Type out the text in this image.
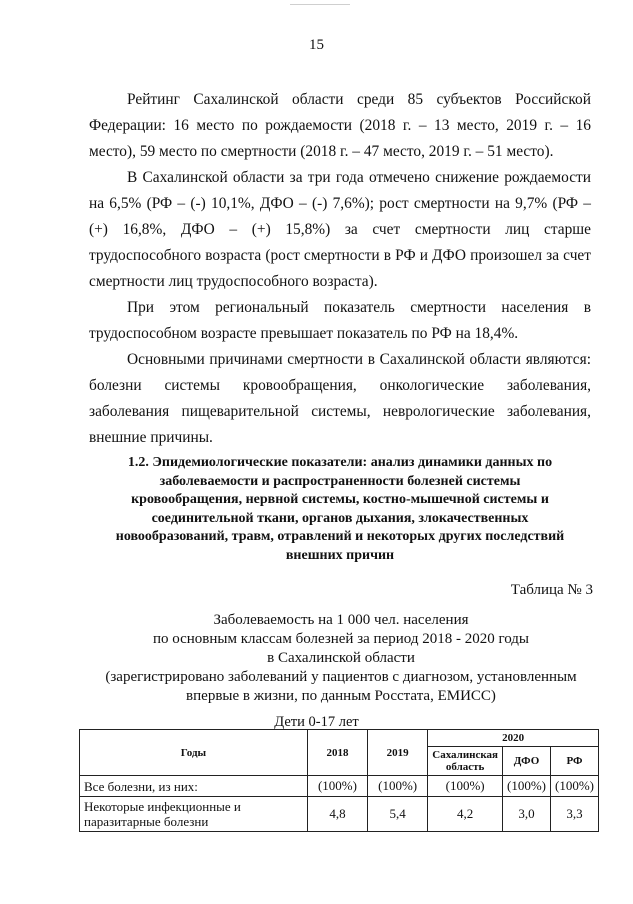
15

Рейтинг Сахалинской области среди 85 субъектов Российской Федерации: 16 место по рождаемости (2018 г. – 13 место, 2019 г. – 16 место), 59 место по смертности (2018 г. – 47 место, 2019 г. – 51 место).

В Сахалинской области за три года отмечено снижение рождаемости на 6,5% (РФ – (-) 10,1%, ДФО – (-) 7,6%); рост смертности на 9,7% (РФ – (+) 16,8%, ДФО – (+) 15,8%) за счет смертности лиц старше трудоспособного возраста (рост смертности в РФ и ДФО произошел за счет смертности лиц трудоспособного возраста).

При этом региональный показатель смертности населения в трудоспособном возрасте превышает показатель по РФ на 18,4%.

Основными причинами смертности в Сахалинской области являются: болезни системы кровообращения, онкологические заболевания, заболевания пищеварительной системы, неврологические заболевания, внешние причины.

1.2. Эпидемиологические показатели: анализ динамики данных по заболеваемости и распространенности болезней системы кровообращения, нервной системы, костно-мышечной системы и соединительной ткани, органов дыхания, злокачественных новообразований, травм, отравлений и некоторых других последствий внешних причин
Таблица № 3
Заболеваемость на 1 000 чел. населения
по основным классам болезней за период 2018 - 2020 годы
в Сахалинской области
(зарегистрировано заболеваний у пациентов с диагнозом, установленным впервые в жизни, по данным Росстата, ЕМИСС)
Дети 0-17 лет
Годы	2018	2019	2020		
			Сахалинская область	ДФО	РФ
Все болезни, из них:	(100%)	(100%)	(100%)	(100%)	(100%)
Некоторые инфекционные и паразитарные болезни	4,8	5,4	4,2	3,0	3,3
